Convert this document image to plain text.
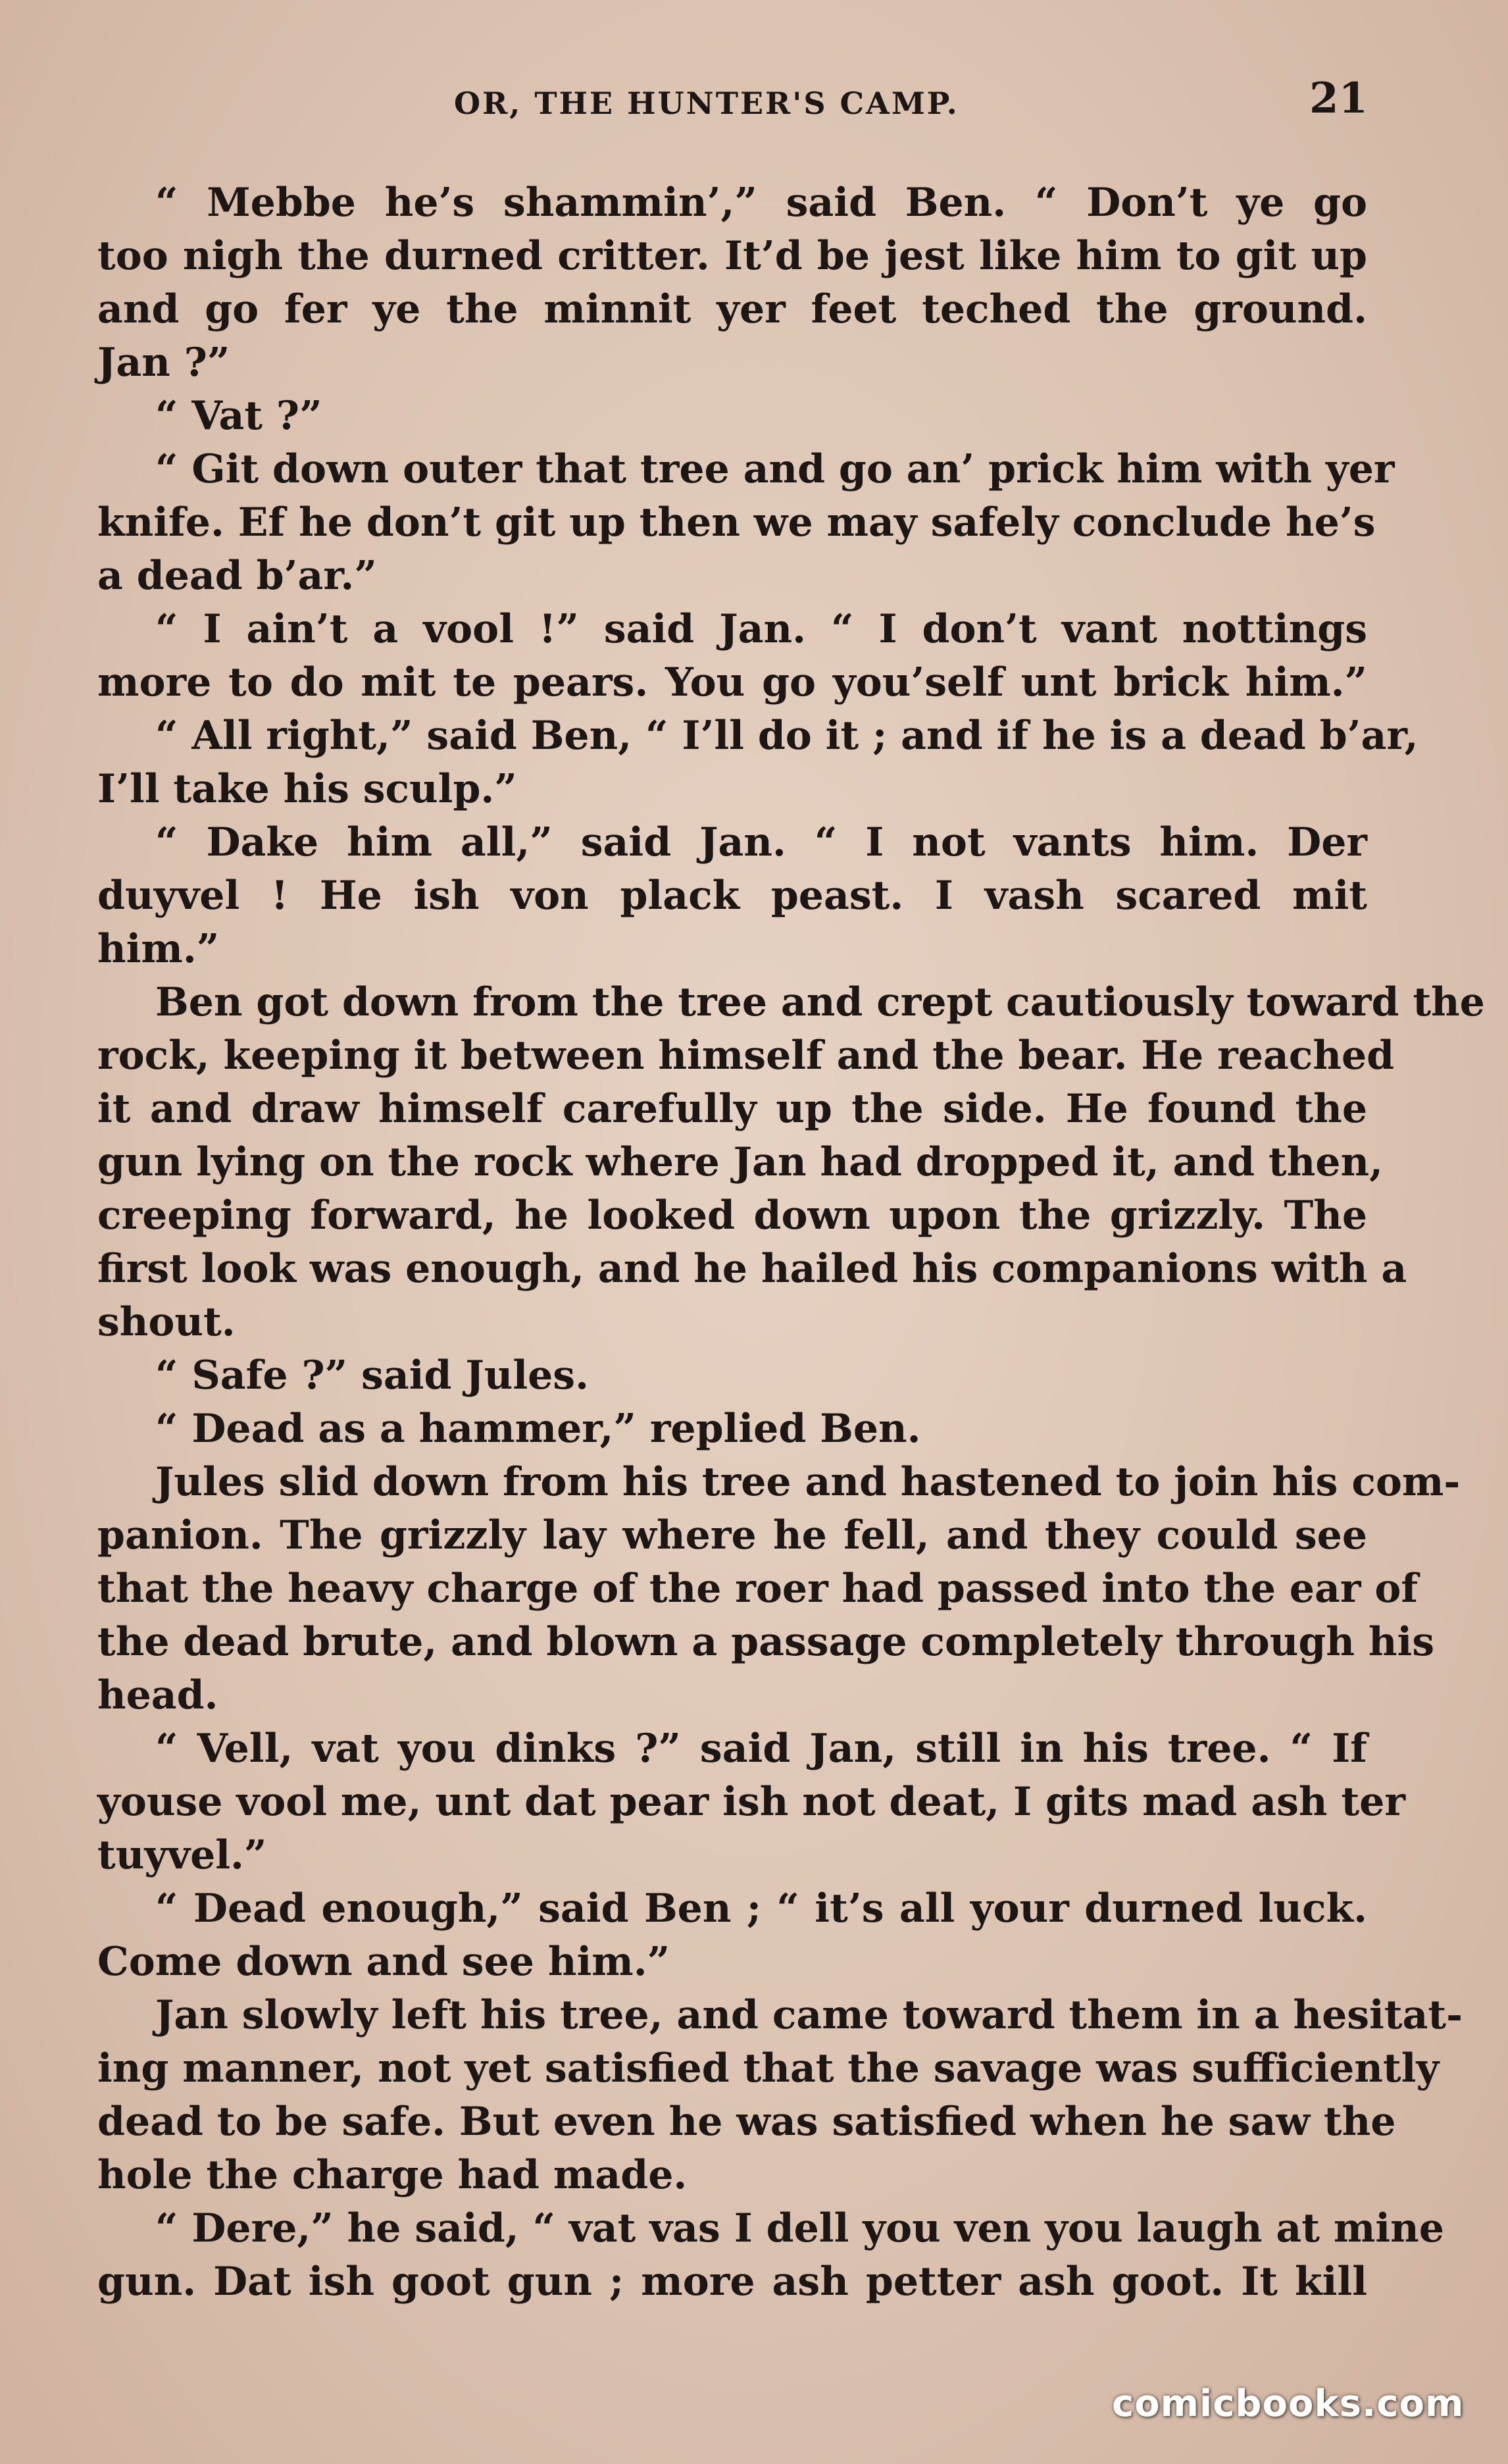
OR, THE HUNTER'S CAMP.	21
“ Mebbe he’s shammin’,” said Ben. “ Don’t ye go
too nigh the durned critter. It’d be jest like him to git up
and go fer ye the minnit yer feet teched the ground.
Jan ?”
“ Vat ?”
“ Git down outer that tree and go an’ prick him with yer
knife. Ef he don’t git up then we may safely conclude he’s
a dead b’ar.”
“ I ain’t a vool !” said Jan. “ I don’t vant nottings
more to do mit te pears. You go you’self unt brick him.”
“ All right,” said Ben, “ I’ll do it ; and if he is a dead b’ar,
I’ll take his sculp.”
“ Dake him all,” said Jan. “ I not vants him. Der
duyvel ! He ish von plack peast. I vash scared mit
him.”
Ben got down from the tree and crept cautiously toward the
rock, keeping it between himself and the bear. He reached
it and draw himself carefully up the side. He found the
gun lying on the rock where Jan had dropped it, and then,
creeping forward, he looked down upon the grizzly. The
first look was enough, and he hailed his companions with a
shout.
“ Safe ?” said Jules.
“ Dead as a hammer,” replied Ben.
Jules slid down from his tree and hastened to join his com-
panion. The grizzly lay where he fell, and they could see
that the heavy charge of the roer had passed into the ear of
the dead brute, and blown a passage completely through his
head.
“ Vell, vat you dinks ?” said Jan, still in his tree. “ If
youse vool me, unt dat pear ish not deat, I gits mad ash ter
tuyvel.”
“ Dead enough,” said Ben ; “ it’s all your durned luck.
Come down and see him.”
Jan slowly left his tree, and came toward them in a hesitat-
ing manner, not yet satisfied that the savage was sufficiently
dead to be safe. But even he was satisfied when he saw the
hole the charge had made.
“ Dere,” he said, “ vat vas I dell you ven you laugh at mine
gun. Dat ish goot gun ; more ash petter ash goot. It kill
comicbooks.com
